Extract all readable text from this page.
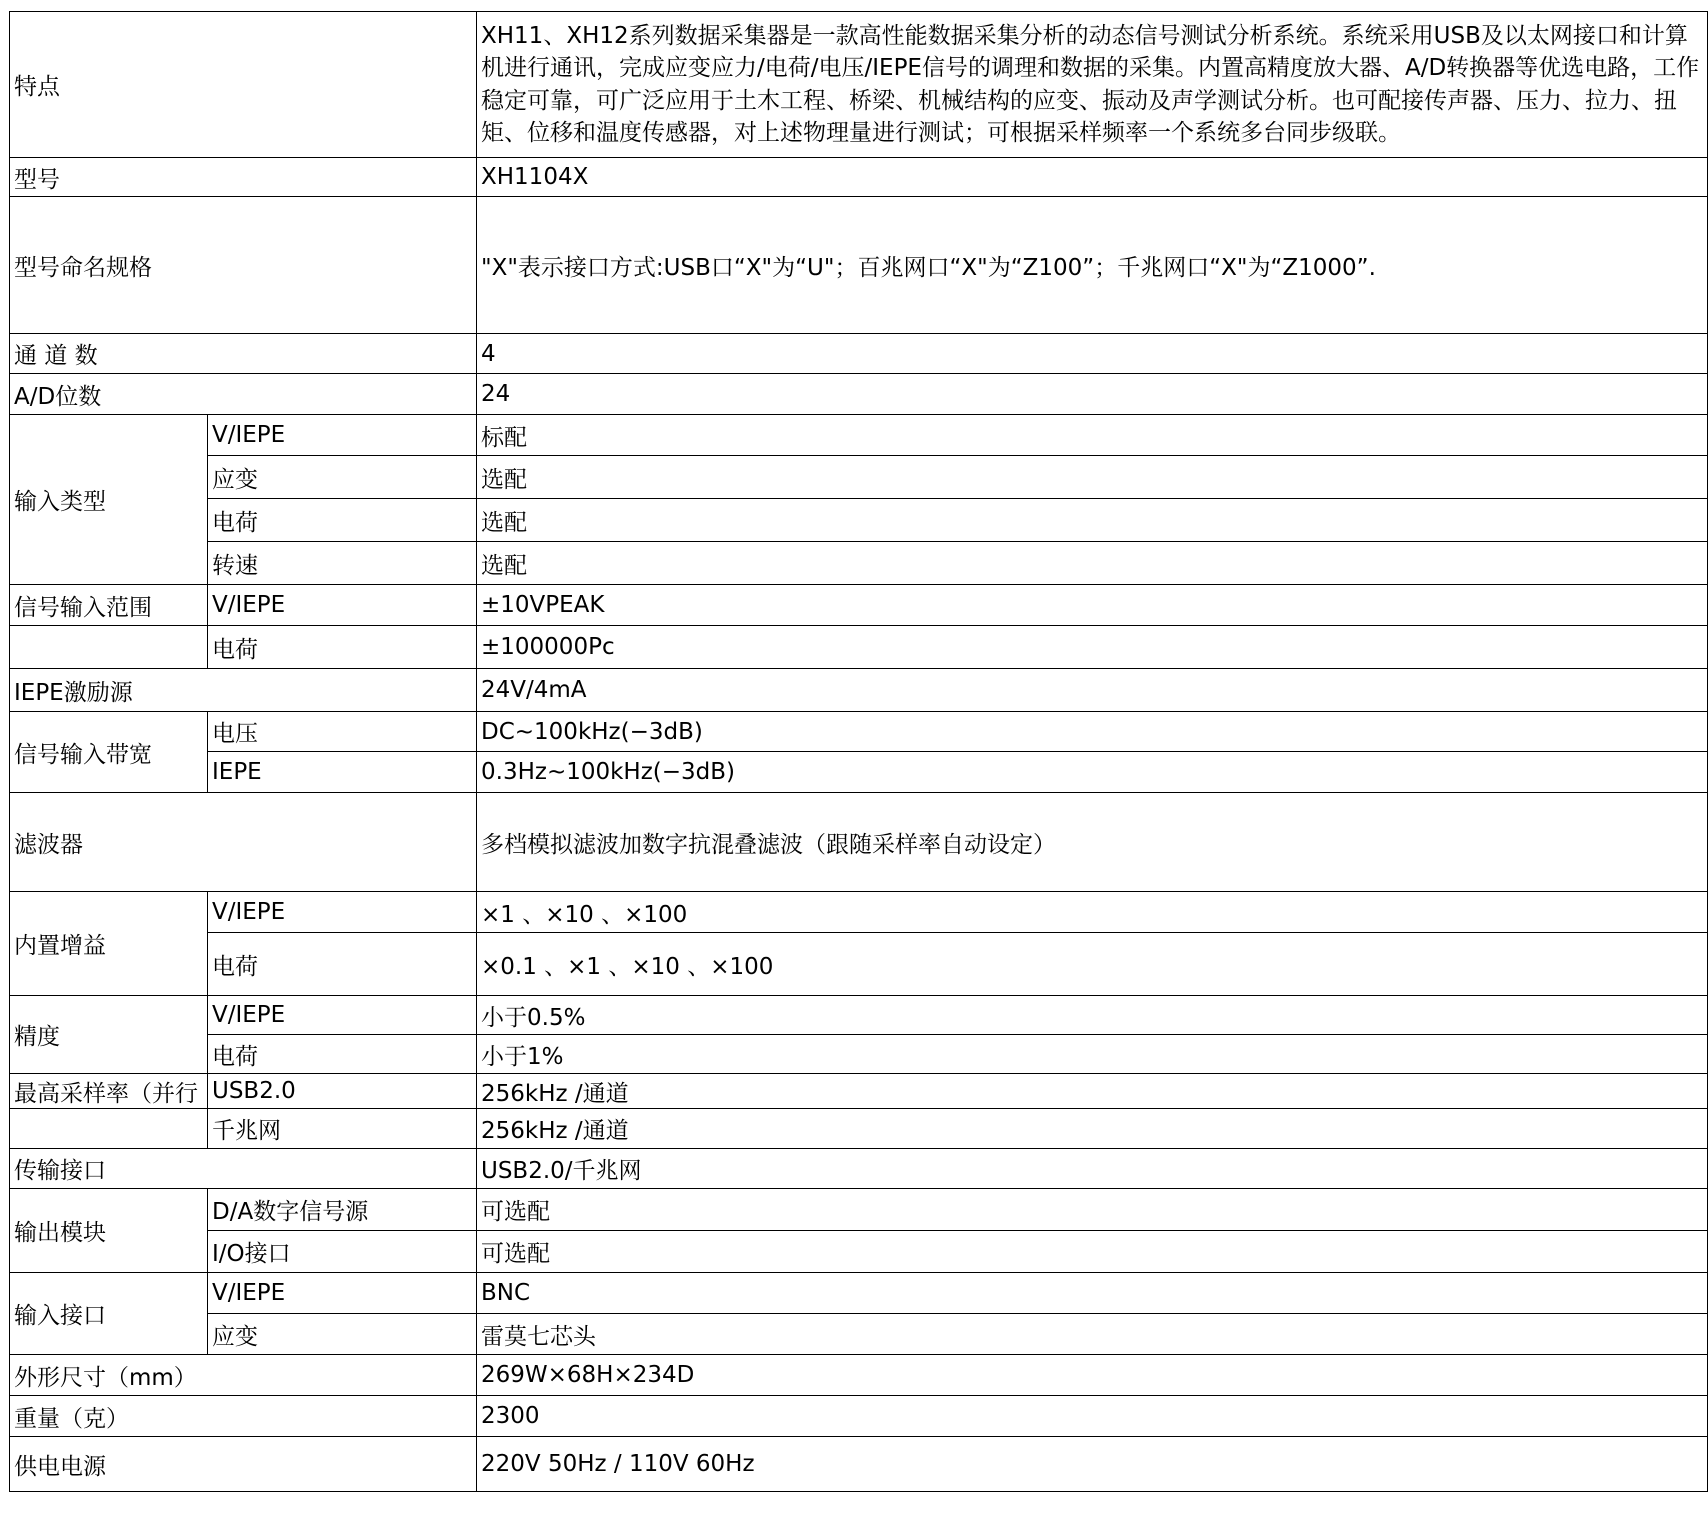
特点		XH11、XH12系列数据采集器是一款高性能数据采集分析的动态信号测试分析系统。系统采用USB及以太网接口和计算机进行通讯，完成应变应力/电荷/电压/IEPE信号的调理和数据的采集。内置高精度放大器、A/D转换器等优选电路，工作稳定可靠，可广泛应用于土木工程、桥梁、机械结构的应变、振动及声学测试分析。也可配接传声器、压力、拉力、扭矩、位移和温度传感器，对上述物理量进行测试；可根据采样频率一个系统多台同步级联。
型号		XH1104X
型号命名规格		"X"表示接口方式:USB口“X"为“U"；百兆网口“X"为“Z100”；千兆网口“X"为“Z1000”.
通 道 数		4
A/D位数		24
输入类型	V/IEPE	标配
	应变	选配
	电荷	选配
	转速	选配
信号输入范围	V/IEPE	±10VPEAK
	电荷	±100000Pc
IEPE激励源		24V/4mA
信号输入带宽	电压	DC~100kHz(−3dB)
	IEPE	0.3Hz~100kHz(−3dB)
滤波器		多档模拟滤波加数字抗混叠滤波（跟随采样率自动设定）
内置增益	V/IEPE	×1 、×10 、×100
	电荷	×0.1 、×1 、×10 、×100
精度	V/IEPE	小于0.5%
	电荷	小于1%
最高采样率（并行	USB2.0	256kHz /通道
	千兆网	256kHz /通道
传输接口		USB2.0/千兆网
输出模块	D/A数字信号源	可选配
	I/O接口	可选配
输入接口	V/IEPE	BNC
	应变	雷莫七芯头
外形尺寸（mm）		269W×68H×234D
重量（克）		2300
供电电源		220V 50Hz / 110V 60Hz
